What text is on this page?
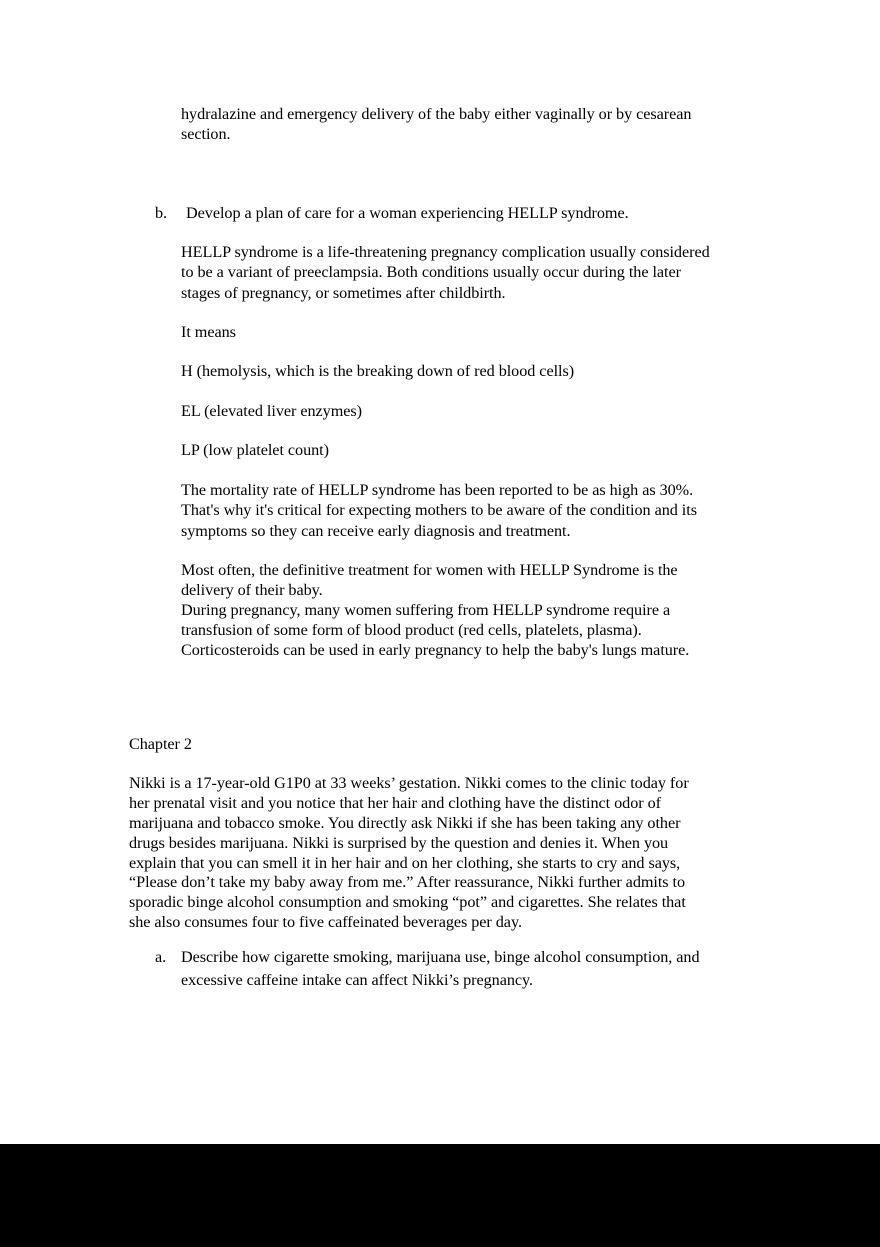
hydralazine and emergency delivery of the baby either vaginally or by cesarean
section.
b. Develop a plan of care for a woman experiencing HELLP syndrome.
HELLP syndrome is a life-threatening pregnancy complication usually considered
to be a variant of preeclampsia. Both conditions usually occur during the later
stages of pregnancy, or sometimes after childbirth.
It means
H (hemolysis, which is the breaking down of red blood cells)
EL (elevated liver enzymes)
LP (low platelet count)
The mortality rate of HELLP syndrome has been reported to be as high as 30%.
That's why it's critical for expecting mothers to be aware of the condition and its
symptoms so they can receive early diagnosis and treatment.
Most often, the definitive treatment for women with HELLP Syndrome is the
delivery of their baby.
During pregnancy, many women suffering from HELLP syndrome require a
transfusion of some form of blood product (red cells, platelets, plasma).
Corticosteroids can be used in early pregnancy to help the baby's lungs mature.
Chapter 2
Nikki is a 17-year-old G1P0 at 33 weeks’ gestation. Nikki comes to the clinic today for
her prenatal visit and you notice that her hair and clothing have the distinct odor of
marijuana and tobacco smoke. You directly ask Nikki if she has been taking any other
drugs besides marijuana. Nikki is surprised by the question and denies it. When you
explain that you can smell it in her hair and on her clothing, she starts to cry and says,
“Please don’t take my baby away from me.” After reassurance, Nikki further admits to
sporadic binge alcohol consumption and smoking “pot” and cigarettes. She relates that
she also consumes four to five caffeinated beverages per day.
a. Describe how cigarette smoking, marijuana use, binge alcohol consumption, and
excessive caffeine intake can affect Nikki’s pregnancy.
